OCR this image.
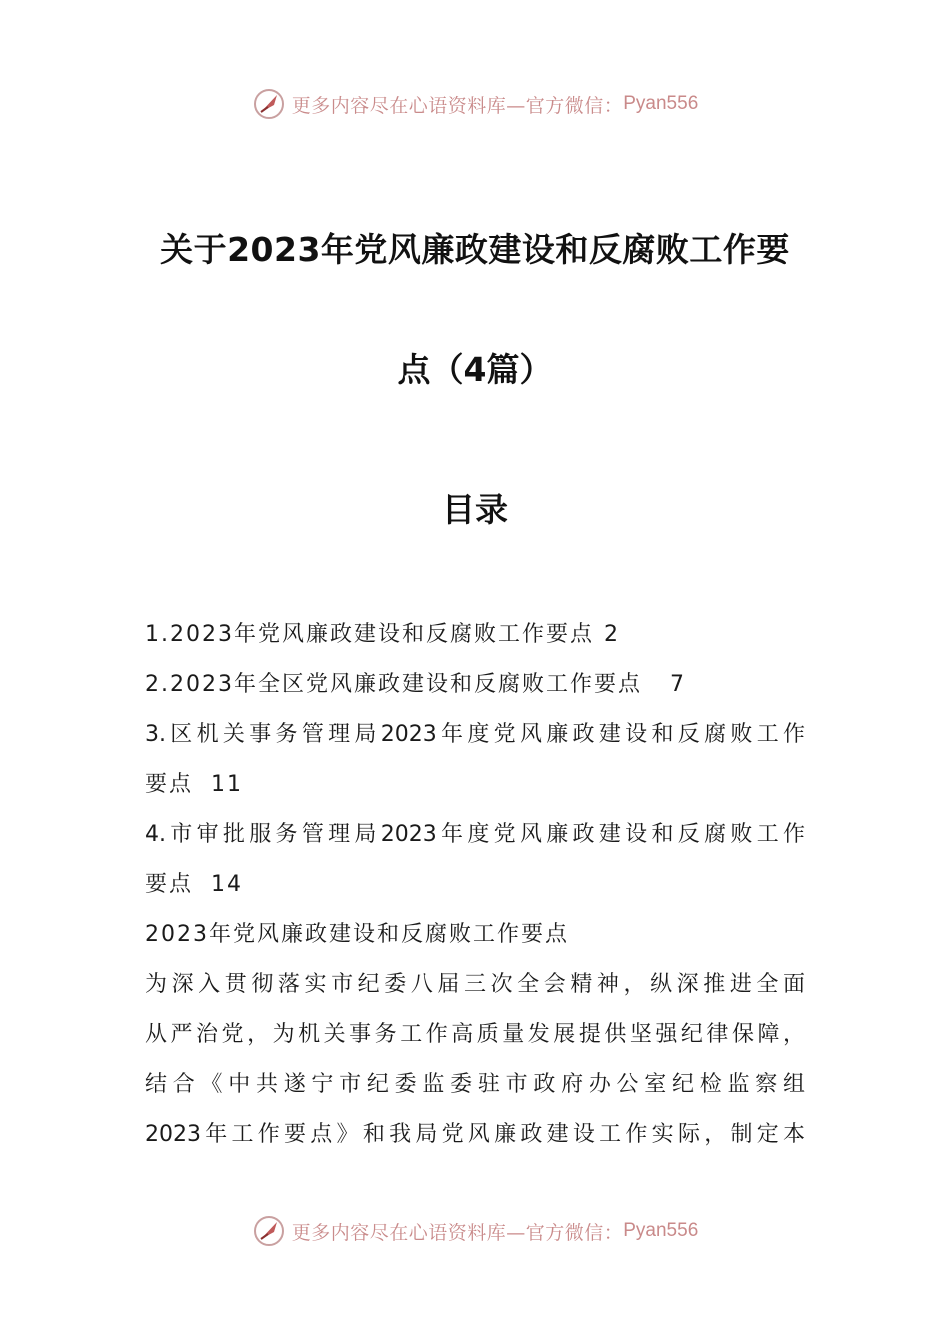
更多内容尽在心语资料库—官方微信： Pyan556
关于2023年党风廉政建设和反腐败工作要
点（4篇）
目录
1.2023年党风廉政建设和反腐败工作要点 2
2.2023年全区党风廉政建设和反腐败工作要点 7
3.区机关事务管理局2023年度党风廉政建设和反腐败工作
要点 11
4.市审批服务管理局2023年度党风廉政建设和反腐败工作
要点 14
2023年党风廉政建设和反腐败工作要点
为深入贯彻落实市纪委八届三次全会精神，纵深推进全面
从严治党，为机关事务工作高质量发展提供坚强纪律保障，
结合《中共遂宁市纪委监委驻市政府办公室纪检监察组
2023年工作要点》和我局党风廉政建设工作实际，制定本
更多内容尽在心语资料库—官方微信： Pyan556
